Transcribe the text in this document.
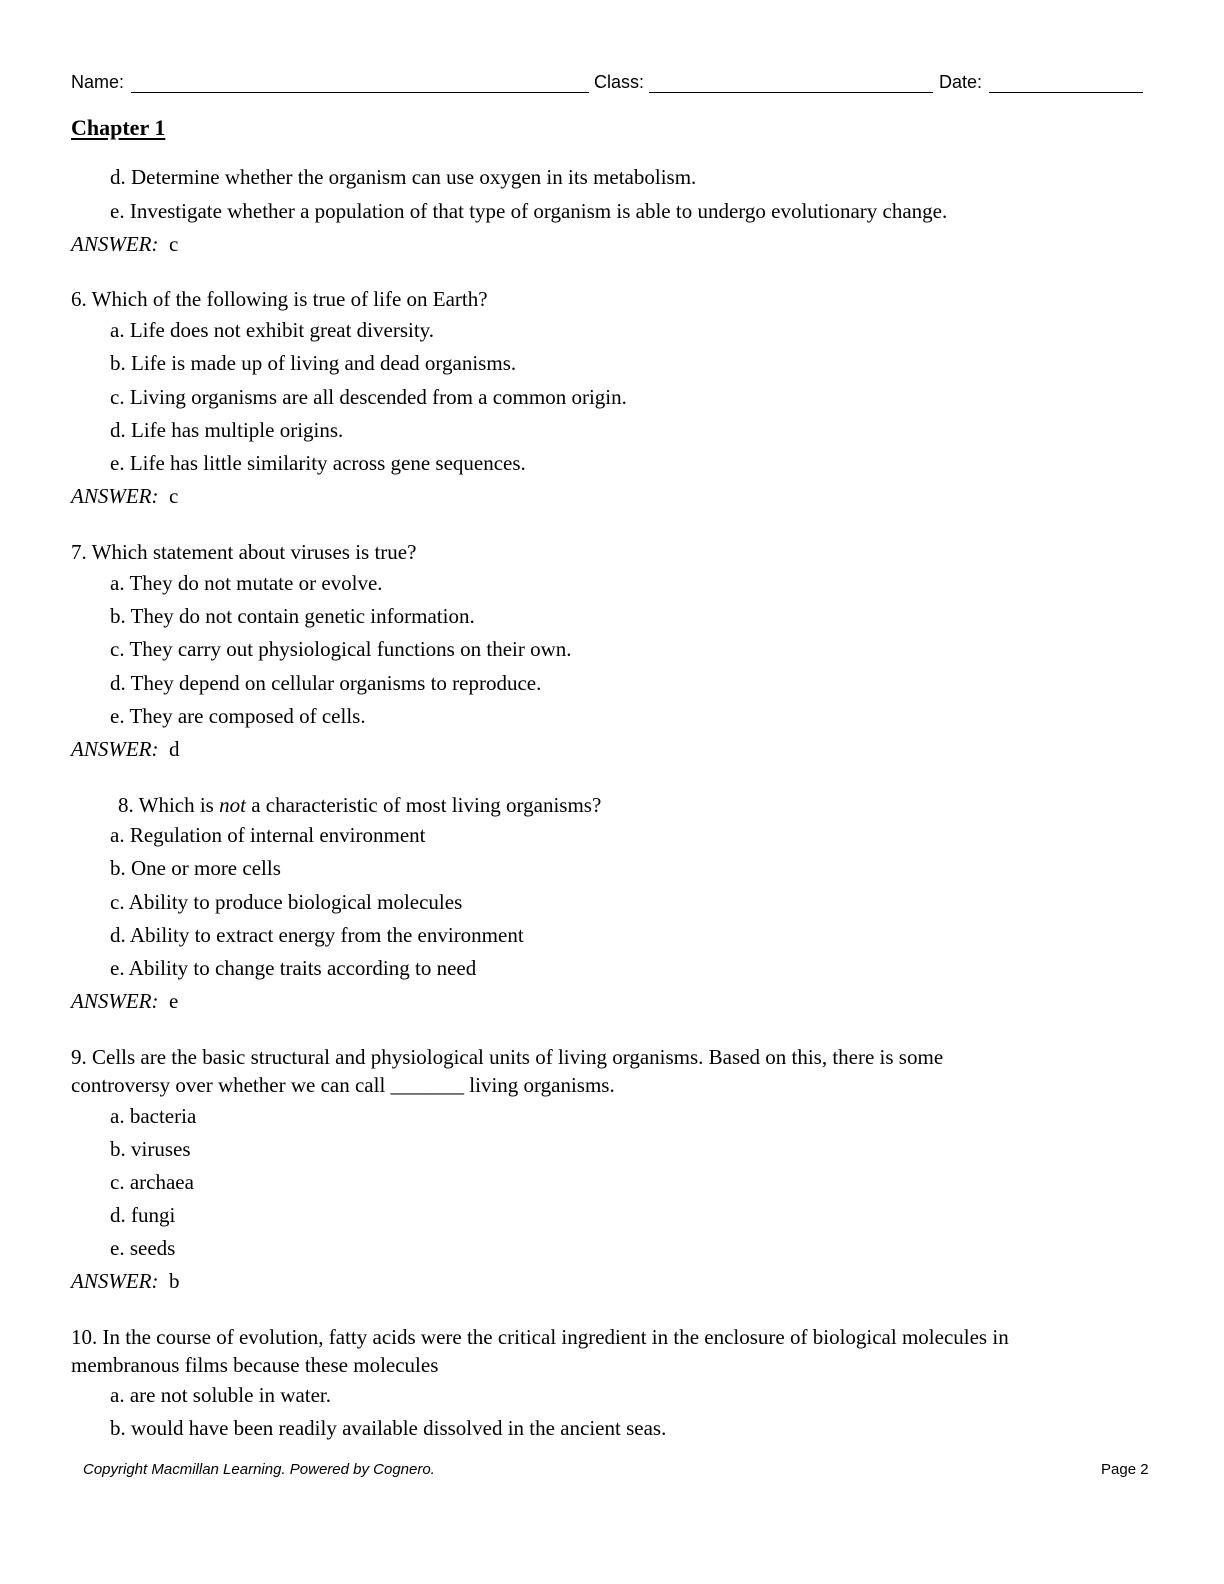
Name:	Class:	Date:
Chapter 1
d. Determine whether the organism can use oxygen in its metabolism.
e. Investigate whether a population of that type of organism is able to undergo evolutionary change.
ANSWER: c
6. Which of the following is true of life on Earth?
a. Life does not exhibit great diversity.
b. Life is made up of living and dead organisms.
c. Living organisms are all descended from a common origin.
d. Life has multiple origins.
e. Life has little similarity across gene sequences.
ANSWER: c
7. Which statement about viruses is true?
a. They do not mutate or evolve.
b. They do not contain genetic information.
c. They carry out physiological functions on their own.
d. They depend on cellular organisms to reproduce.
e. They are composed of cells.
ANSWER: d
8. Which is not a characteristic of most living organisms?
a. Regulation of internal environment
b. One or more cells
c. Ability to produce biological molecules
d. Ability to extract energy from the environment
e. Ability to change traits according to need
ANSWER: e
9. Cells are the basic structural and physiological units of living organisms. Based on this, there is some
controversy over whether we can call _______ living organisms.
a. bacteria
b. viruses
c. archaea
d. fungi
e. seeds
ANSWER: b
10. In the course of evolution, fatty acids were the critical ingredient in the enclosure of biological molecules in
membranous films because these molecules
a. are not soluble in water.
b. would have been readily available dissolved in the ancient seas.
Copyright Macmillan Learning. Powered by Cognero.	Page 2
